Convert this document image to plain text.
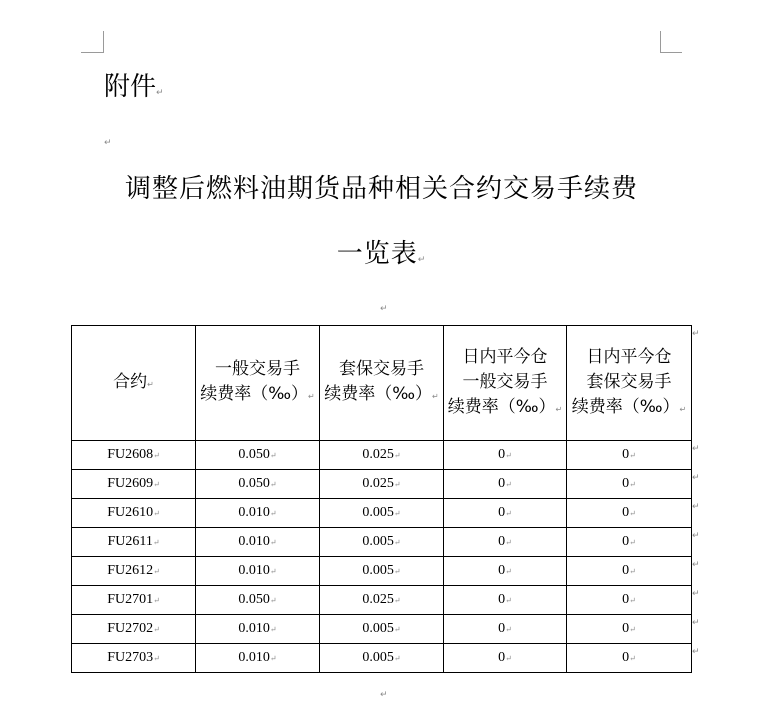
附件↵
↵
调整后燃料油期货品种相关合约交易手续费
一览表↵
↵
合约↵	一般交易手
续费率（‰）↵	套保交易手
续费率（‰）↵	日内平今仓
一般交易手
续费率（‰）↵	日内平今仓
套保交易手
续费率（‰）↵
FU2608↵	0.050↵	0.025↵	0↵	0↵
FU2609↵	0.050↵	0.025↵	0↵	0↵
FU2610↵	0.010↵	0.005↵	0↵	0↵
FU2611↵	0.010↵	0.005↵	0↵	0↵
FU2612↵	0.010↵	0.005↵	0↵	0↵
FU2701↵	0.050↵	0.025↵	0↵	0↵
FU2702↵	0.010↵	0.005↵	0↵	0↵
FU2703↵	0.010↵	0.005↵	0↵	0↵
↵
↵
↵
↵
↵
↵
↵
↵
↵
↵
